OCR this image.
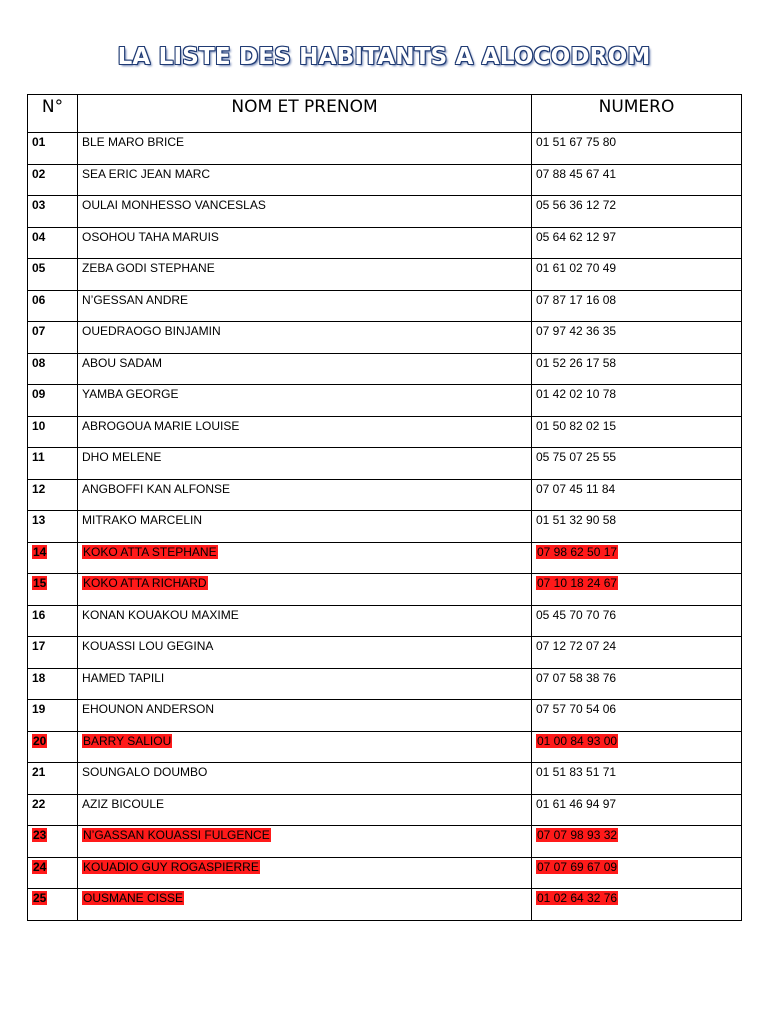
LA LISTE DES HABITANTS A ALOCODROM
N°	NOM ET PRENOM	NUMERO
01	BLE MARO BRICE	01 51 67 75 80
02	SEA ERIC JEAN MARC	07 88 45 67 41
03	OULAI MONHESSO VANCESLAS	05 56 36 12 72
04	OSOHOU TAHA MARUIS	05 64 62 12 97
05	ZEBA GODI STEPHANE	01 61 02 70 49
06	N’GESSAN ANDRE	07 87 17 16 08
07	OUEDRAOGO BINJAMIN	07 97 42 36 35
08	ABOU SADAM	01 52 26 17 58
09	YAMBA GEORGE	01 42 02 10 78
10	ABROGOUA MARIE LOUISE	01 50 82 02 15
11	DHO MELENE	05 75 07 25 55
12	ANGBOFFI KAN ALFONSE	07 07 45 11 84
13	MITRAKO MARCELIN	01 51 32 90 58
14	KOKO ATTA STEPHANE	07 98 62 50 17
15	KOKO ATTA RICHARD	07 10 18 24 67
16	KONAN KOUAKOU MAXIME	05 45 70 70 76
17	KOUASSI LOU GEGINA	07 12 72 07 24
18	HAMED TAPILI	07 07 58 38 76
19	EHOUNON ANDERSON	07 57 70 54 06
20	BARRY SALIOU	01 00 84 93 00
21	SOUNGALO DOUMBO	01 51 83 51 71
22	AZIZ BICOULE	01 61 46 94 97
23	N’GASSAN KOUASSI FULGENCE	07 07 98 93 32
24	KOUADIO GUY ROGASPIERRE	07 07 69 67 09
25	OUSMANE CISSE	01 02 64 32 76
